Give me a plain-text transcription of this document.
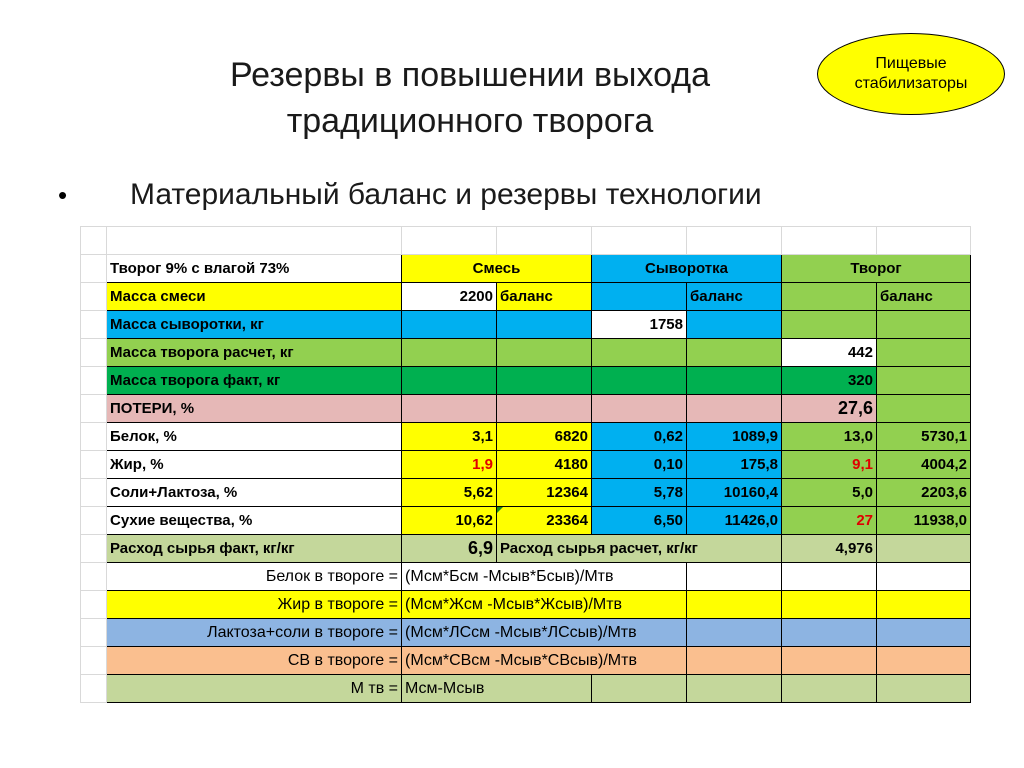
Резервы в повышении выхода
традиционного творога
Пищевые
стабилизаторы
• Материальный баланс и резервы технологии

	Творог 9% с влагой 73%	Смесь		Сыворотка		Творог	
	Масса смеси	2200	баланс		баланс		баланс
	Масса сыворотки, кг			1758			
	Масса творога расчет, кг					442	
	Масса творога факт, кг					320	
	ПОТЕРИ, %					27,6	
	Белок, %	3,1	6820	0,62	1089,9	13,0	5730,1
	Жир, %	1,9	4180	0,10	175,8	9,1	4004,2
	Соли+Лактоза, %	5,62	12364	5,78	10160,4	5,0	2203,6
	Сухие вещества, %	10,62	23364	6,50	11426,0	27	11938,0
	Расход сырья факт, кг/кг	6,9	Расход сырья расчет, кг/кг			4,976	
	Белок в твороге =	(Мсм*Бсм -Мсыв*Бсыв)/Мтв					
	Жир в твороге =	(Мсм*Жсм -Мсыв*Жсыв)/Мтв					
	Лактоза+соли в твороге =	(Мсм*ЛСсм -Мсыв*ЛСсыв)/Мтв					
	СВ в твороге =	(Мсм*СВсм -Мсыв*СВсыв)/Мтв					
	М тв =	Мсм-Мсыв					
